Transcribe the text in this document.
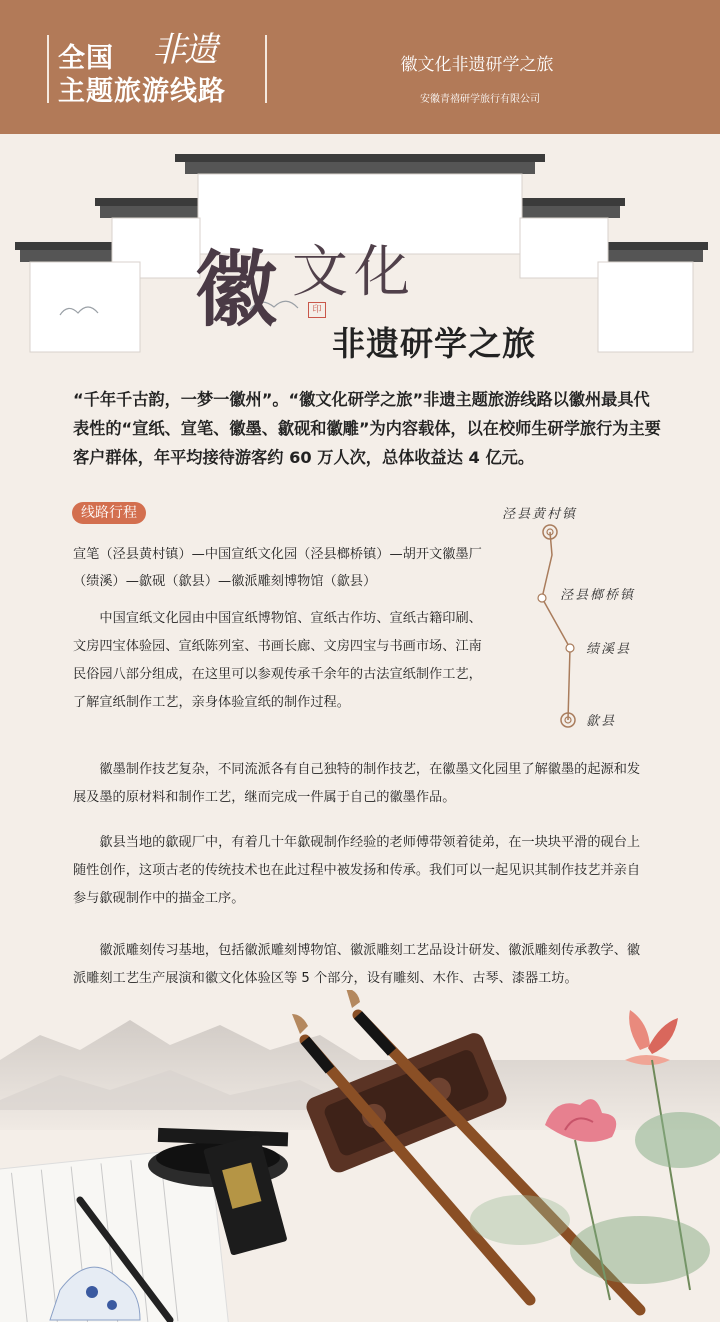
全国 非遗
主题旅游线路
徽文化非遗研学之旅
安徽青禧研学旅行有限公司
徽 文化
印
非遗研学之旅
“千年千古韵，一梦一徽州”。“徽文化研学之旅”非遗主题旅游线路以徽州最具代表性的“宣纸、宣笔、徽墨、歙砚和徽雕”为内容载体，以在校师生研学旅行为主要客户群体，年平均接待游客约 60 万人次，总体收益达 4 亿元。
线路行程
宣笔（泾县黄村镇）—中国宣纸文化园（泾县榔桥镇）—胡开文徽墨厂（绩溪）—歙砚（歙县）—徽派雕刻博物馆（歙县）
中国宣纸文化园由中国宣纸博物馆、宣纸古作坊、宣纸古籍印刷、文房四宝体验园、宣纸陈列室、书画长廊、文房四宝与书画市场、江南民俗园八部分组成，在这里可以参观传承千余年的古法宣纸制作工艺，了解宣纸制作工艺，亲身体验宣纸的制作过程。
徽墨制作技艺复杂，不同流派各有自己独特的制作技艺，在徽墨文化园里了解徽墨的起源和发展及墨的原材料和制作工艺，继而完成一件属于自己的徽墨作品。
歙县当地的歙砚厂中，有着几十年歙砚制作经验的老师傅带领着徒弟，在一块块平滑的砚台上随性创作，这项古老的传统技术也在此过程中被发扬和传承。我们可以一起见识其制作技艺并亲自参与歙砚制作中的描金工序。
徽派雕刻传习基地，包括徽派雕刻博物馆、徽派雕刻工艺品设计研发、徽派雕刻传承教学、徽派雕刻工艺生产展演和徽文化体验区等 5 个部分，设有雕刻、木作、古琴、漆器工坊。
泾县黄村镇
泾县榔桥镇
绩溪县
歙县
